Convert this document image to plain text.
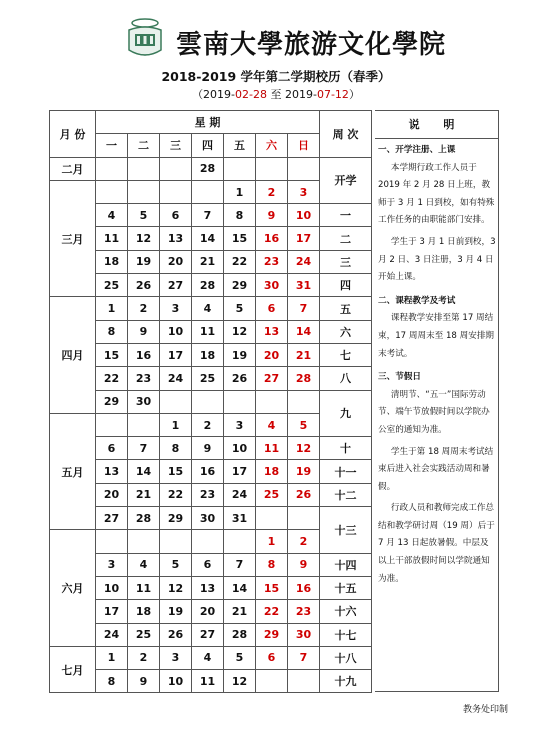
雲南大學旅游文化學院
2018-2019 学年第二学期校历（春季）
（2019-02-28 至 2019-07-12）
月 份	星 期							周 次
	一	二	三	四	五	六	日	
二月				28				开学
三月					1	2	3	
	4	5	6	7	8	9	10	一
	11	12	13	14	15	16	17	二
	18	19	20	21	22	23	24	三
	25	26	27	28	29	30	31	四
四月	1	2	3	4	5	6	7	五
	8	9	10	11	12	13	14	六
	15	16	17	18	19	20	21	七
	22	23	24	25	26	27	28	八
	29	30						九
五月			1	2	3	4	5	
	6	7	8	9	10	11	12	十
	13	14	15	16	17	18	19	十一
	20	21	22	23	24	25	26	十二
	27	28	29	30	31			十三
六月						1	2	
	3	4	5	6	7	8	9	十四
	10	11	12	13	14	15	16	十五
	17	18	19	20	21	22	23	十六
	24	25	26	27	28	29	30	十七
七月	1	2	3	4	5	6	7	十八
	8	9	10	11	12			十九
说 明
一、开学注册、上课

本学期行政工作人员于2019 年 2 月 28 日上班，教师于 3 月 1 日到校，如有特殊工作任务的由职能部门安排。

学生于 3 月 1 日前到校，3 月 2 日、3 日注册，3 月 4 日开始上课。

二、课程教学及考试

课程教学安排至第 17 周结束，17 周周末至 18 周安排期末考试。

三、节假日

清明节、“五一”国际劳动节、端午节放假时间以学院办公室的通知为准。

学生于第 18 周周末考试结束后进入社会实践活动周和暑假。

行政人员和教师完成工作总结和教学研讨周（19 周）后于 7 月 13 日起放暑假。中层及以上干部放假时间以学院通知为准。

教务处印制
